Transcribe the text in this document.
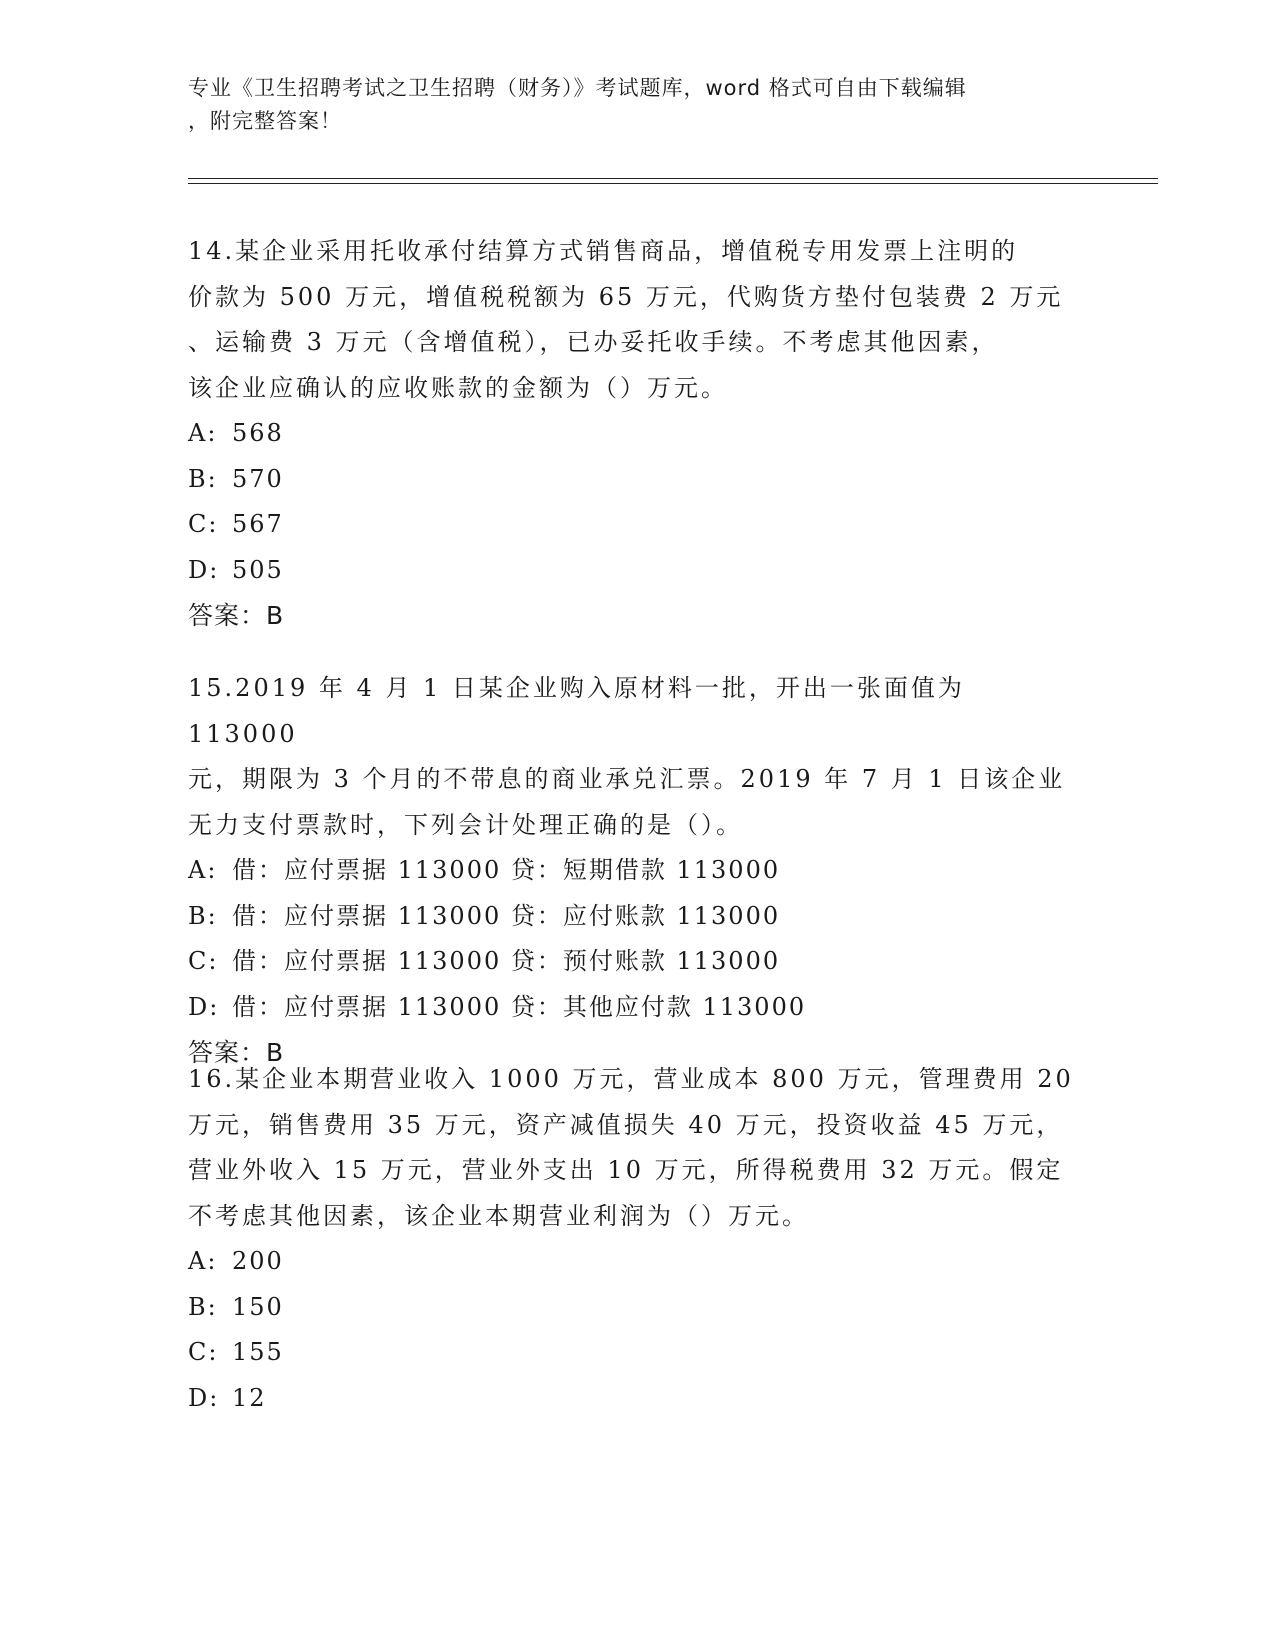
专业《卫生招聘考试之卫生招聘（财务）》考试题库，word 格式可自由下载编辑
，附完整答案！

14.某企业采用托收承付结算方式销售商品，增值税专用发票上注明的
价款为 500 万元，增值税税额为 65 万元，代购货方垫付包装费 2 万元
、运输费 3 万元（含增值税），已办妥托收手续。不考虑其他因素，
该企业应确认的应收账款的金额为（）万元。

A: 568
B: 570
C: 567
D: 505
答案：B

15.2019 年 4 月 1 日某企业购入原材料一批，开出一张面值为 113000
元，期限为 3 个月的不带息的商业承兑汇票。2019 年 7 月 1 日该企业
无力支付票款时，下列会计处理正确的是（）。

A: 借：应付票据 113000 贷：短期借款 113000
B: 借：应付票据 113000 贷：应付账款 113000
C: 借：应付票据 113000 贷：预付账款 113000
D: 借：应付票据 113000 贷：其他应付款 113000
答案：B

16.某企业本期营业收入 1000 万元，营业成本 800 万元，管理费用 20
万元，销售费用 35 万元，资产减值损失 40 万元，投资收益 45 万元，
营业外收入 15 万元，营业外支出 10 万元，所得税费用 32 万元。假定
不考虑其他因素，该企业本期营业利润为（）万元。

A: 200
B: 150
C: 155
D: 12
